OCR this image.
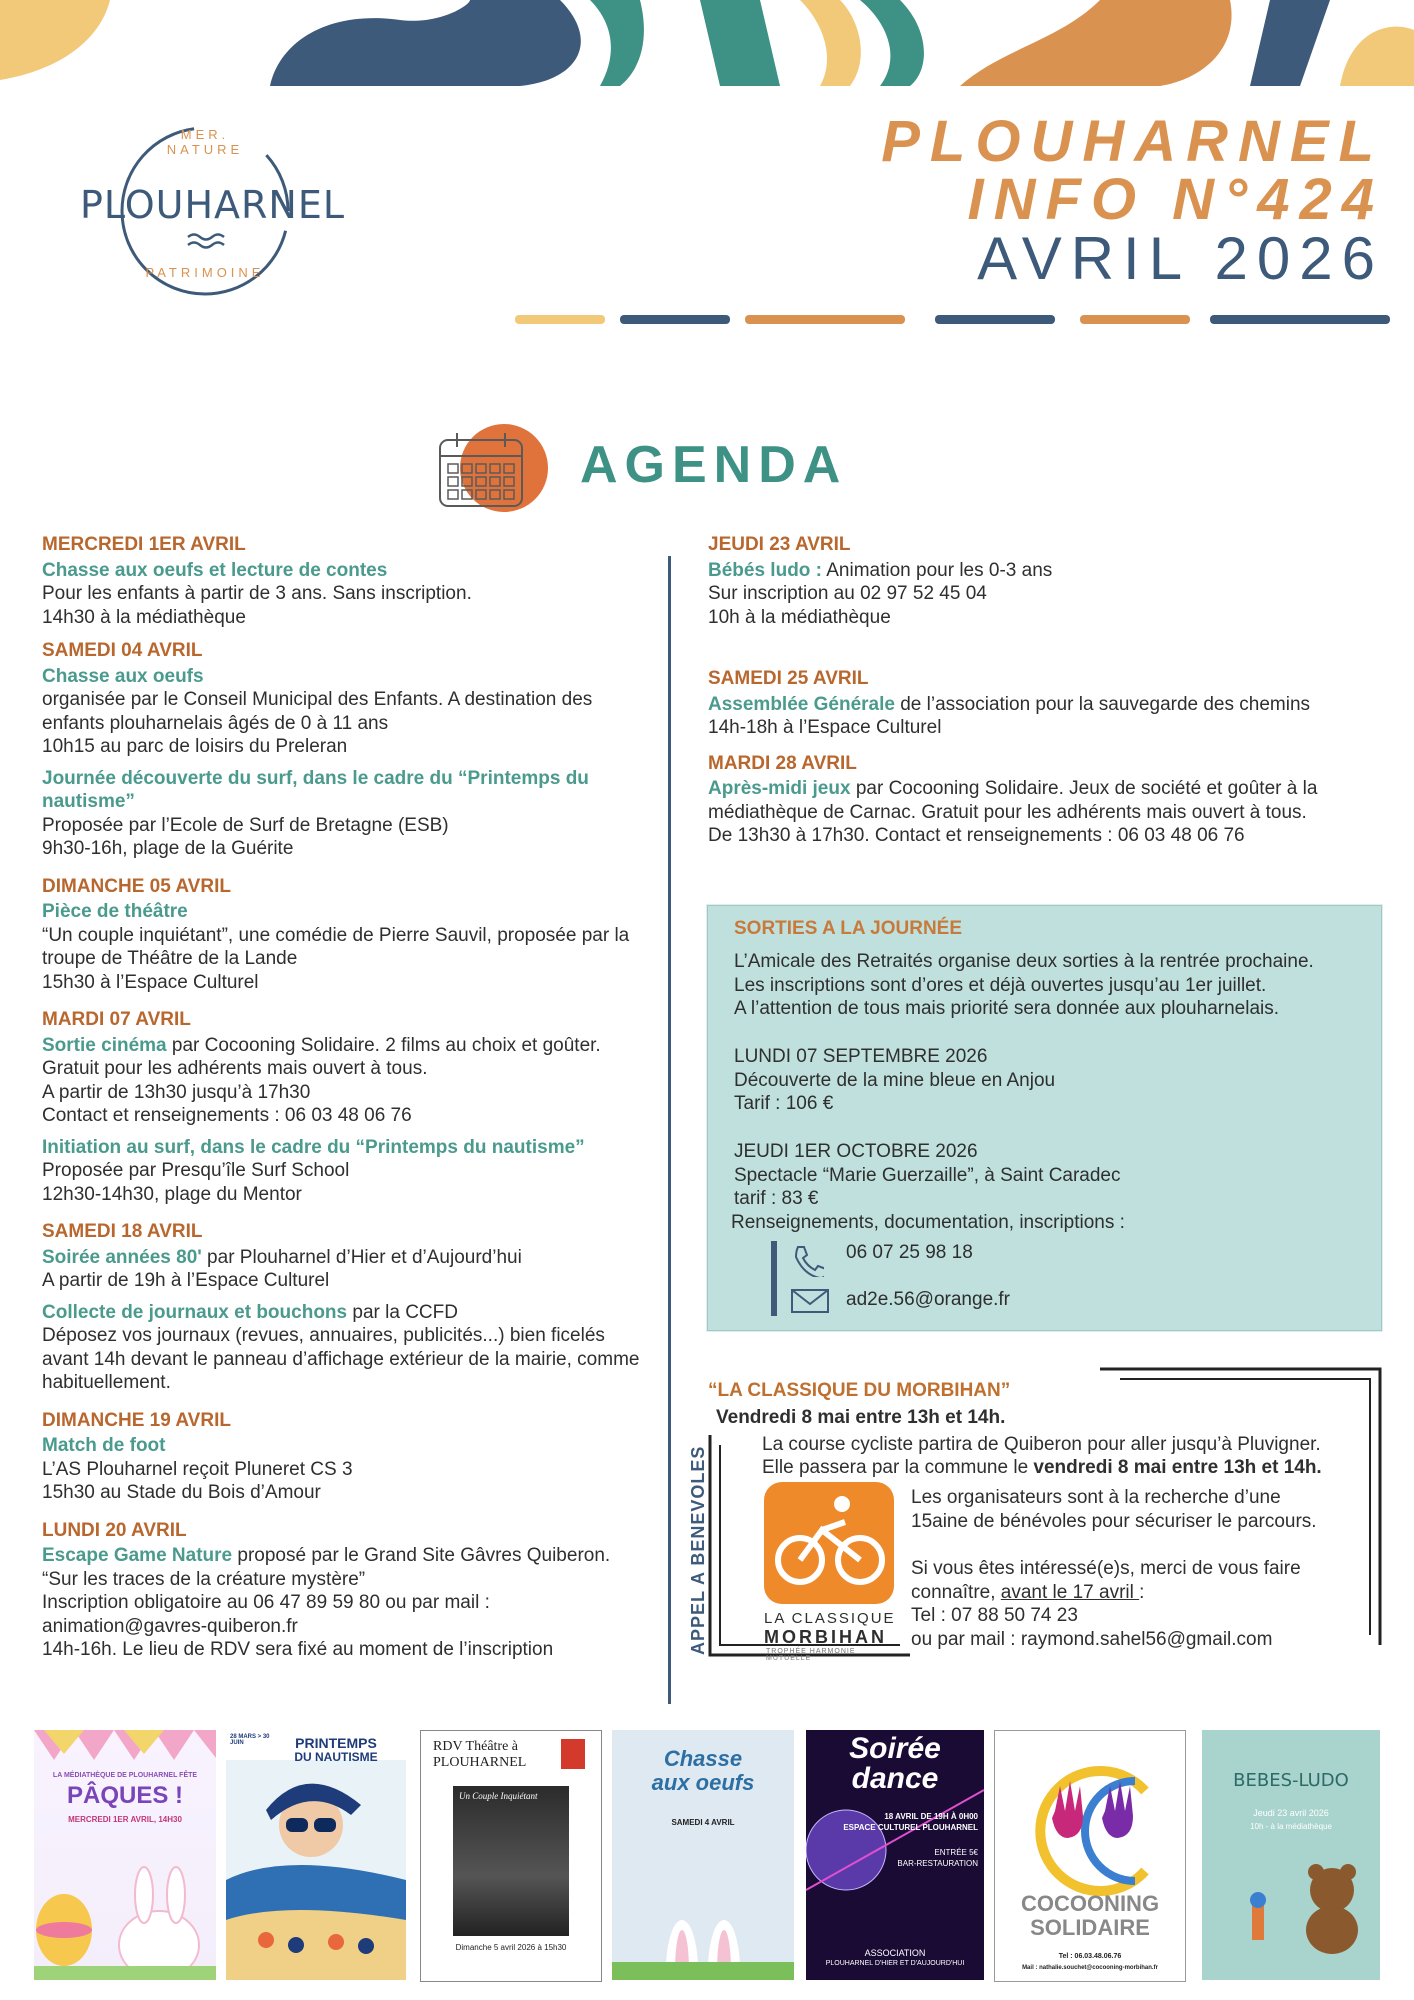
MER. NATURE
PLOUHARNEL
PATRIMOINE
PLOUHARNEL
INFO N°424
AVRIL 2026
AGENDA
MERCREDI 1ER AVRIL
Chasse aux oeufs et lecture de contes
Pour les enfants à partir de 3 ans. Sans inscription.
14h30 à la médiathèque
SAMEDI 04 AVRIL
Chasse aux oeufs
organisée par le Conseil Municipal des Enfants. A destination des enfants plouharnelais âgés de 0 à 11 ans
10h15 au parc de loisirs du Preleran
Journée découverte du surf, dans le cadre du “Printemps du nautisme”
Proposée par l’Ecole de Surf de Bretagne (ESB)
9h30-16h, plage de la Guérite
DIMANCHE 05 AVRIL
Pièce de théâtre
“Un couple inquiétant”, une comédie de Pierre Sauvil, proposée par la troupe de Théâtre de la Lande
15h30 à l’Espace Culturel
MARDI 07 AVRIL
Sortie cinéma par Cocooning Solidaire. 2 films au choix et goûter.
Gratuit pour les adhérents mais ouvert à tous.
A partir de 13h30 jusqu’à 17h30
Contact et renseignements : 06 03 48 06 76
Initiation au surf, dans le cadre du “Printemps du nautisme”
Proposée par Presqu’île Surf School
12h30-14h30, plage du Mentor
SAMEDI 18 AVRIL
Soirée années 80' par Plouharnel d’Hier et d’Aujourd’hui
A partir de 19h à l’Espace Culturel
Collecte de journaux et bouchons par la CCFD
Déposez vos journaux (revues, annuaires, publicités...) bien ficelés avant 14h devant le panneau d’affichage extérieur de la mairie, comme habituellement.
DIMANCHE 19 AVRIL
Match de foot
L’AS Plouharnel reçoit Pluneret CS 3
15h30 au Stade du Bois d’Amour
LUNDI 20 AVRIL
Escape Game Nature proposé par le Grand Site Gâvres Quiberon.
“Sur les traces de la créature mystère”
Inscription obligatoire au 06 47 89 59 80 ou par mail : animation@gavres-quiberon.fr
14h-16h. Le lieu de RDV sera fixé au moment de l’inscription
JEUDI 23 AVRIL
Bébés ludo : Animation pour les 0-3 ans
Sur inscription au 02 97 52 45 04
10h à la médiathèque
SAMEDI 25 AVRIL
Assemblée Générale de l’association pour la sauvegarde des chemins
14h-18h à l’Espace Culturel
MARDI 28 AVRIL
Après-midi jeux par Cocooning Solidaire. Jeux de société et goûter à la médiathèque de Carnac. Gratuit pour les adhérents mais ouvert à tous.
De 13h30 à 17h30. Contact et renseignements : 06 03 48 06 76
SORTIES A LA JOURNÉE
L’Amicale des Retraités organise deux sorties à la rentrée prochaine.
Les inscriptions sont d’ores et déjà ouvertes jusqu’au 1er juillet.
A l’attention de tous mais priorité sera donnée aux plouharnelais.
LUNDI 07 SEPTEMBRE 2026
Découverte de la mine bleue en Anjou
Tarif : 106 €
JEUDI 1ER OCTOBRE 2026
Spectacle “Marie Guerzaille”, à Saint Caradec
tarif : 83 €
Renseignements, documentation, inscriptions :
06 07 25 98 18
ad2e.56@orange.fr
“LA CLASSIQUE DU MORBIHAN”
Vendredi 8 mai entre 13h et 14h.
APPEL A BENEVOLES
La course cycliste partira de Quiberon pour aller jusqu’à Pluvigner.
Elle passera par la commune le vendredi 8 mai entre 13h et 14h.
LA CLASSIQUE
MORBIHAN
TROPHÉE HARMONIE MUTUELLE
Les organisateurs sont à la recherche d’une
15aine de bénévoles pour sécuriser le parcours.
Si vous êtes intéressé(e)s, merci de vous faire
connaître, avant le 17 avril :
Tel : 07 88 50 74 23
ou par mail : raymond.sahel56@gmail.com
LA MÉDIATHÈQUE DE PLOUHARNEL FÊTE
PÂQUES !
MERCREDI 1ER AVRIL, 14H30
28 MARS > 30 JUIN	PRINTEMPS
DU NAUTISME
RDV Théâtre à
PLOUHARNEL
Un Couple Inquiétant
Dimanche 5 avril 2026 à 15h30
Chasse
aux oeufs
SAMEDI 4 AVRIL
Soirée
dance
18 AVRIL DE 19H À 0H00
ESPACE CULTUREL PLOUHARNEL
ENTRÉE 5€
BAR-RESTAURATION
ASSOCIATION
PLOUHARNEL D'HIER ET D'AUJOURD'HUI
COCOONING
SOLIDAIRE
Tel : 06.03.48.06.76
Mail : nathalie.souchet@cocooning-morbihan.fr
BEBES-LUDO
Jeudi 23 avril 2026
10h - à la médiathèque
